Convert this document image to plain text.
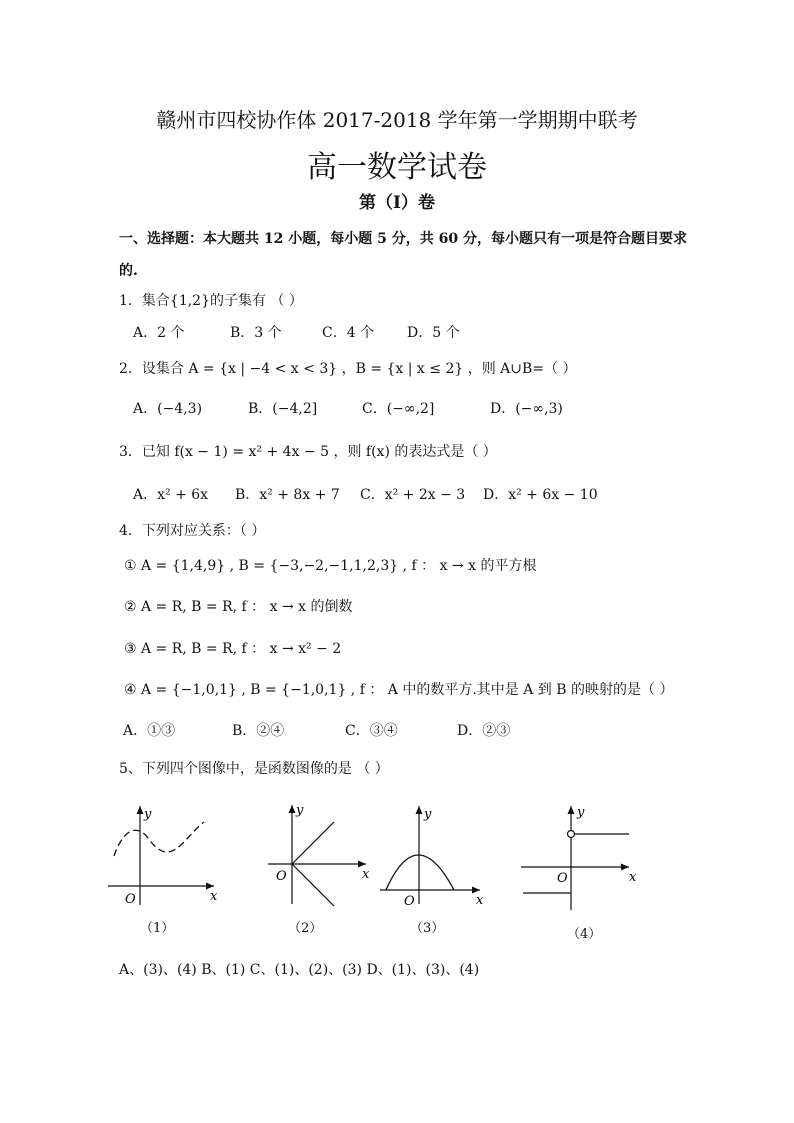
赣州市四校协作体 2017-2018 学年第一学期期中联考
高一数学试卷
第（Ⅰ）卷
一、选择题：本大题共 12 小题，每小题 5 分，共 60 分，每小题只有一项是符合题目要求
的.
1．集合{1,2}的子集有 （ ）
A．2 个	B．3 个	C．4 个 D．5 个
2．设集合 A = {x | −4 < x < 3} ，B = {x | x ≤ 2} ，则 A∪B=（ ）
A．(−4,3)	B．(−4,2]	C．(−∞,2]	D．(−∞,3)
3．已知 f(x − 1) = x² + 4x − 5 ，则 f(x) 的表达式是（ ）
A．x² + 6x B．x² + 8x + 7 C．x² + 2x − 3 D．x² + 6x − 10
4．下列对应关系：（ ）
① A = {1,4,9} , B = {−3,−2,−1,1,2,3} , f ： x → x 的平方根
② A = R, B = R, f ： x → x 的倒数
③ A = R, B = R, f ： x → x² − 2
④ A = {−1,0,1} , B = {−1,0,1} , f ： A 中的数平方.其中是 A 到 B 的映射的是（ ）
A．①③	B．②④	C．③④	D．②③
5、下列四个图像中，是函数图像的是 （ ）
y
x
O
（1）
y
x
O
（2）
y
x
O
（3）
y
x
O
（4）
A、(3)、(4) B、(1) C、(1)、(2)、(3) D、(1)、(3)、(4)
